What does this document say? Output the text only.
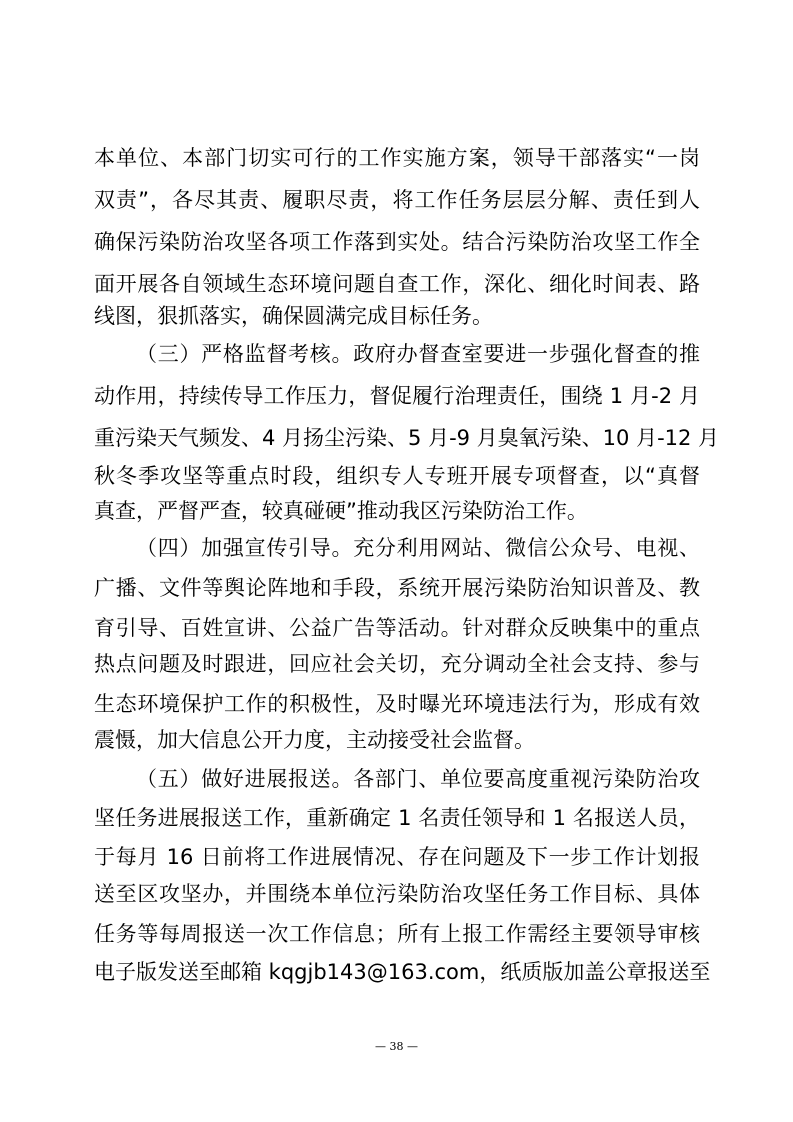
本单位、本部门切实可行的工作实施方案，领导干部落实“一岗
双责”，各尽其责、履职尽责，将工作任务层层分解、责任到人
确保污染防治攻坚各项工作落到实处。结合污染防治攻坚工作全
面开展各自领域生态环境问题自查工作，深化、细化时间表、路
线图，狠抓落实，确保圆满完成目标任务。
（三）严格监督考核。政府办督查室要进一步强化督查的推
动作用，持续传导工作压力，督促履行治理责任，围绕 1 月-2 月
重污染天气频发、4 月扬尘污染、5 月-9 月臭氧污染、10 月-12 月
秋冬季攻坚等重点时段，组织专人专班开展专项督查，以“真督
真查，严督严查，较真碰硬”推动我区污染防治工作。
（四）加强宣传引导。充分利用网站、微信公众号、电视、
广播、文件等舆论阵地和手段，系统开展污染防治知识普及、教
育引导、百姓宣讲、公益广告等活动。针对群众反映集中的重点
热点问题及时跟进，回应社会关切，充分调动全社会支持、参与
生态环境保护工作的积极性，及时曝光环境违法行为，形成有效
震慑，加大信息公开力度，主动接受社会监督。
（五）做好进展报送。各部门、单位要高度重视污染防治攻
坚任务进展报送工作，重新确定 1 名责任领导和 1 名报送人员，
于每月 16 日前将工作进展情况、存在问题及下一步工作计划报
送至区攻坚办，并围绕本单位污染防治攻坚任务工作目标、具体
任务等每周报送一次工作信息；所有上报工作需经主要领导审核
电子版发送至邮箱 kqgjb143@163.com，纸质版加盖公章报送至
— 38 —
